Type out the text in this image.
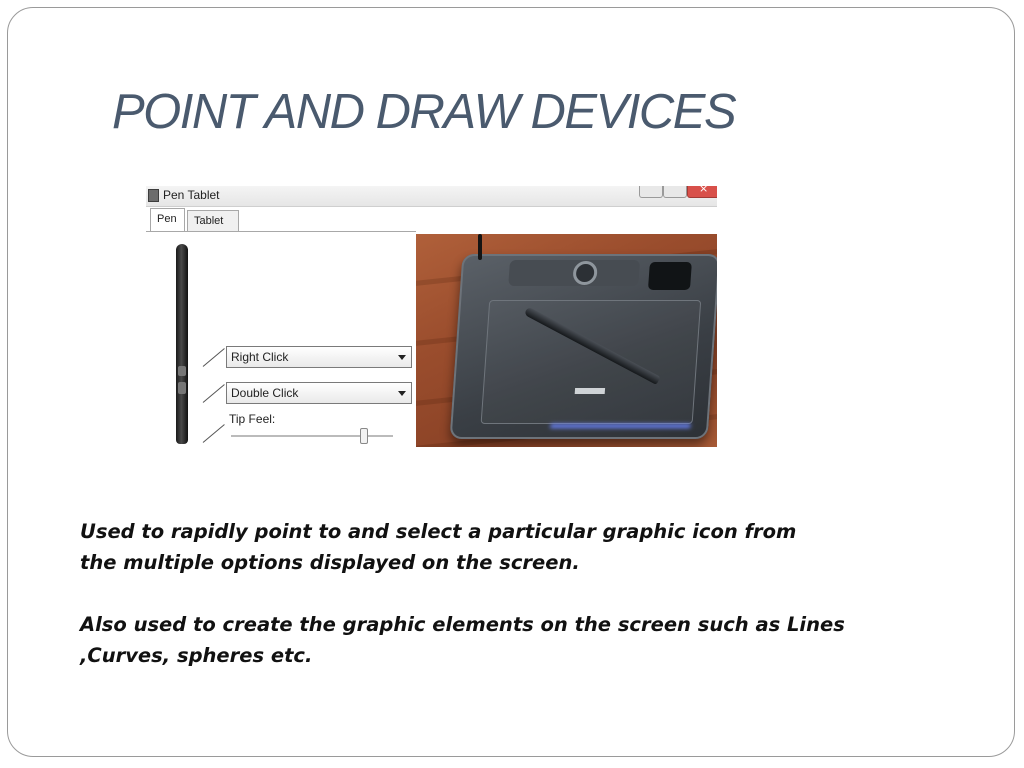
POINT AND DRAW DEVICES
Pen Tablet
×
Pen	Tablet
Right Click
Double Click
Tip Feel:

Used to rapidly point to and select a particular graphic icon from
the multiple options displayed on the screen.

Also used to create the graphic elements on the screen such as Lines
,Curves, spheres etc.
